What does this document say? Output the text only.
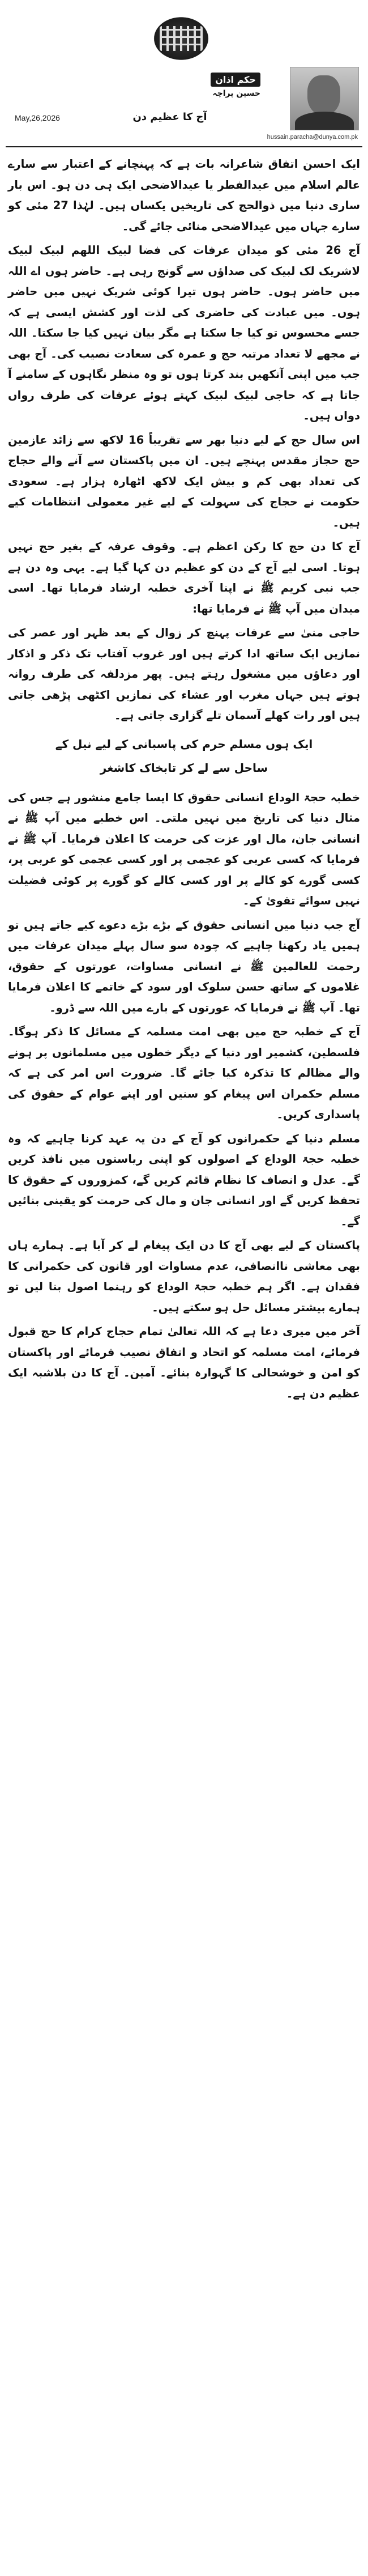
حکم اذان
حسین پراچہ
آج کا عظیم دن
May,26,2026
hussain.paracha@dunya.com.pk

ایک احسن اتفاق شاعرانہ بات ہے کہ پہنچانے کے اعتبار سے سارے عالم اسلام میں عیدالفطر یا عیدالاضحی ایک ہی دن ہو۔ اس بار ساری دنیا میں ذوالحج کی تاریخیں یکساں ہیں۔ لہٰذا 27 مئی کو سارے جہاں میں عیدالاضحی منائی جائے گی۔

آج 26 مئی کو میدان عرفات کی فضا لبیک اللھم لبیک لبیک لاشریک لک لبیک کی صداؤں سے گونج رہی ہے۔ حاضر ہوں اے اللہ میں حاضر ہوں۔ حاضر ہوں تیرا کوئی شریک نہیں میں حاضر ہوں۔ میں عبادت کی حاضری کی لذت اور کشش ایسی ہے کہ جسے محسوس تو کیا جا سکتا ہے مگر بیان نہیں کیا جا سکتا۔ اللہ نے مجھے لا تعداد مرتبہ حج و عمرہ کی سعادت نصیب کی۔ آج بھی جب میں اپنی آنکھیں بند کرتا ہوں تو وہ منظر نگاہوں کے سامنے آ جاتا ہے کہ حاجی لبیک لبیک کہتے ہوئے عرفات کی طرف رواں دواں ہیں۔

اس سال حج کے لیے دنیا بھر سے تقریباً 16 لاکھ سے زائد عازمین حج حجاز مقدس پہنچے ہیں۔ ان میں پاکستان سے آنے والے حجاج کی تعداد بھی کم و بیش ایک لاکھ اٹھارہ ہزار ہے۔ سعودی حکومت نے حجاج کی سہولت کے لیے غیر معمولی انتظامات کیے ہیں۔

آج کا دن حج کا رکن اعظم ہے۔ وقوف عرفہ کے بغیر حج نہیں ہوتا۔ اسی لیے آج کے دن کو عظیم دن کہا گیا ہے۔ یہی وہ دن ہے جب نبی کریم ﷺ نے اپنا آخری خطبہ ارشاد فرمایا تھا۔ اسی میدان میں آپ ﷺ نے فرمایا تھا:

حاجی منیٰ سے عرفات پہنچ کر زوال کے بعد ظہر اور عصر کی نمازیں ایک ساتھ ادا کرتے ہیں اور غروب آفتاب تک ذکر و اذکار اور دعاؤں میں مشغول رہتے ہیں۔ پھر مزدلفہ کی طرف روانہ ہوتے ہیں جہاں مغرب اور عشاء کی نمازیں اکٹھی پڑھی جاتی ہیں اور رات کھلے آسمان تلے گزاری جاتی ہے۔

ایک ہوں مسلم حرم کی پاسبانی کے لیے نیل کے ساحل سے لے کر تابخاک کاشغر

خطبہ حجۃ الوداع انسانی حقوق کا ایسا جامع منشور ہے جس کی مثال دنیا کی تاریخ میں نہیں ملتی۔ اس خطبے میں آپ ﷺ نے انسانی جان، مال اور عزت کی حرمت کا اعلان فرمایا۔ آپ ﷺ نے فرمایا کہ کسی عربی کو عجمی پر اور کسی عجمی کو عربی پر، کسی گورے کو کالے پر اور کسی کالے کو گورے پر کوئی فضیلت نہیں سوائے تقویٰ کے۔

آج جب دنیا میں انسانی حقوق کے بڑے بڑے دعوے کیے جاتے ہیں تو ہمیں یاد رکھنا چاہیے کہ چودہ سو سال پہلے میدان عرفات میں رحمت للعالمین ﷺ نے انسانی مساوات، عورتوں کے حقوق، غلاموں کے ساتھ حسن سلوک اور سود کے خاتمے کا اعلان فرمایا تھا۔ آپ ﷺ نے فرمایا کہ عورتوں کے بارے میں اللہ سے ڈرو۔

آج کے خطبہ حج میں بھی امت مسلمہ کے مسائل کا ذکر ہوگا۔ فلسطین، کشمیر اور دنیا کے دیگر خطوں میں مسلمانوں پر ہونے والے مظالم کا تذکرہ کیا جائے گا۔ ضرورت اس امر کی ہے کہ مسلم حکمران اس پیغام کو سنیں اور اپنے عوام کے حقوق کی پاسداری کریں۔

مسلم دنیا کے حکمرانوں کو آج کے دن یہ عہد کرنا چاہیے کہ وہ خطبہ حجۃ الوداع کے اصولوں کو اپنی ریاستوں میں نافذ کریں گے۔ عدل و انصاف کا نظام قائم کریں گے، کمزوروں کے حقوق کا تحفظ کریں گے اور انسانی جان و مال کی حرمت کو یقینی بنائیں گے۔

پاکستان کے لیے بھی آج کا دن ایک پیغام لے کر آیا ہے۔ ہمارے ہاں بھی معاشی ناانصافی، عدم مساوات اور قانون کی حکمرانی کا فقدان ہے۔ اگر ہم خطبہ حجۃ الوداع کو رہنما اصول بنا لیں تو ہمارے بیشتر مسائل حل ہو سکتے ہیں۔

آخر میں میری دعا ہے کہ اللہ تعالیٰ تمام حجاج کرام کا حج قبول فرمائے، امت مسلمہ کو اتحاد و اتفاق نصیب فرمائے اور پاکستان کو امن و خوشحالی کا گہوارہ بنائے۔ آمین۔ آج کا دن بلاشبہ ایک عظیم دن ہے۔
